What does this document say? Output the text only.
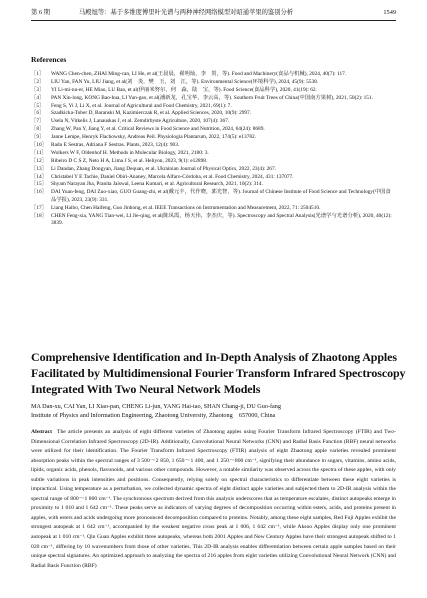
第 6 期	马殿旭等：基于多维度傅里叶光谱与两种神经网络模型对昭通苹果的鉴别分析	1549
References
［1］	WANG Chen-chen, ZHAI Ming-can, LI He, et al(王晨晨，翟明灿，李　贺，等). Food and Machinery(食品与机械), 2024, 40(7): 117.
［2］	LIU Yan, FAN Yu, LIU Jiang, et al(刘　炎，樊　玉，刘　江，等). Environmental Science(环境科学), 2024, 45(9): 5538.
［3］	YI Li-mi-nu-er, HE Miao, LU Bao, et al(伊丽米努尔，何　淼，陆　宝，等). Food Science(食品科学), 2020, 41(19): 62.
［4］	PAN Xin-long, KONG Bao-hua, LI Yun-gao, et al(潘新龙，孔宝华，李云高，等). Southern Fruit Trees of China(中国南方果树), 2021, 50(2): 151.
［5］	Feng S, Yi J, Li X, et al. Journal of Agricultural and Food Chemistry, 2021, 69(1): 7.
［6］	Szadkicka-Tober D, Baranski M, Kazimierczak R, et al. Applied Sciences, 2020, 10(9): 2997.
［7］	Usela N, Vitkelis J, Lanauskas J, et al. Zemdirbyste Agriculture, 2020, 107(4): 367.
［8］	Zhang W, Pan Y, Jiang Y, et al. Critical Reviews in Food Science and Nutrition, 2024, 64(24): 8689.
［9］	Janne Lempe, Henryk Flachowsky, Andreas Peil. Physiologia Plantarum, 2022, 174(5): e13782.
［10］ Radu E Sestras, Adriana F Sestras. Plants, 2023, 12(4): 903.
［11］ Wolkers W F, Oldenhof H. Methods in Molecular Biology, 2021, 2180: 3.
［12］ Ribeiro D C S Z, Neto H A, Lima J S, et al. Heliyon, 2023, 9(1): e12898.
［13］ Li Dandan, Zhang Dongyan, Jiang Dequan, et al. Ukrainian Journal of Physical Optics, 2022, 23(4): 267.
［14］ Christabel Y E Tachie, Daniel Obiri-Ananey, Marcela Alfaro-Córdoba, et al. Food Chemistry, 2024, 431: 137077.
［15］ Shyam Narayan Jha, Pranita Jaiswal, Leena Kumari, et al. Agricultural Research, 2021, 10(2): 314.
［16］ DAI Yuan-feng, DAI Zuo-xiao, GUO Guang-zhi, et al(戴元丰，代作晓，郭光智，等). Journal of Chinese Institute of Food Science and Technology(中国食品学报), 2023, 23(9): 331.
［17］ Liang Haibo, Chen Haifeng, Guo Jinhong, et al. IEEE Transactions on Instrumentation and Measurement, 2022, 71: 2504510.
［18］ CHEN Feng-xia, YANG Tian-wei, LI Jie-qing, et al(陈凤霞，杨天伟，李杰庆，等). Spectroscopy and Spectral Analysis(光谱学与光谱分析), 2020, 40(12): 3839.
Comprehensive Identification and In-Depth Analysis of Zhaotong Apples
Facilitated by Multidimensional Fourier Transform Infrared Spectroscopy
Integrated With Two Neural Network Models
MA Dan-xu, CAI Yan, LI Xiao-pan, CHENG Li-jun, YANG Hai-tao, SHAN Chang-ji, DU Guo-fang
Institute of Physics and Information Engineering, Zhaotong University, Zhaotong　657000, China
Abstract The article presents an analysis of eight different varieties of Zhaotong apples using Fourier Transform Infrared Spectroscopy (FTIR) and Two-Dimensional Correlation Infrared Spectroscopy (2D-IR). Additionally, Convolutional Neural Networks (CNN) and Radial Basis Function (RBF) neural networks were utilized for their identification. The Fourier Transform Infrared Spectroscopy (FTIR) analysis of eight Zhaotong apple varieties revealed prominent absorption peaks within the spectral ranges of 3 500～2 850, 1 650～1 400, and 1 250～800 cm⁻¹, signifying their abundance in sugars, vitamins, amino acids, lipids, organic acids, phenols, flavonoids, and various other compounds. However, a notable similarity was observed across the spectra of these apples, with only subtle variations in peak intensities and positions. Consequently, relying solely on spectral characteristics to differentiate between these eight varieties is impractical. Using temperature as a perturbation, we collected dynamic spectra of eight distinct apple varieties and subjected them to 2D-IR analysis within the spectral range of 800～1 800 cm⁻¹. The synchronous spectrum derived from this analysis underscores that as temperature escalates, distinct autopeaks emerge in proximity to 1 010 and 1 642 cm⁻¹. These peaks serve as indicators of varying degrees of decomposition occurring within esters, acids, and proteins present in apples, with esters and acids undergoing more pronounced decomposition compared to proteins. Notably, among these eight samples, Red Fuji Apples exhibit the strongest autopeak at 1 642 cm⁻¹, accompanied by the weakest negative cross peak at 1 006, 1 642 cm⁻¹, while Aksoo Apples display only one prominent autopeak at 1 010 cm⁻¹. Qin Guan Apples exhibit three autopeaks, whereas both 2001 Apples and New Century Apples have their strongest autopeak shifted to 1 020 cm⁻¹, differing by 10 wavenumbers from those of other varieties. This 2D-IR analysis enables differentiation between certain apple samples based on their unique spectral signatures. An optimized approach to analyzing the spectra of 216 apples from eight varieties utilizing Convolutional Neural Network (CNN) and Radial Basis Function (RBF)
